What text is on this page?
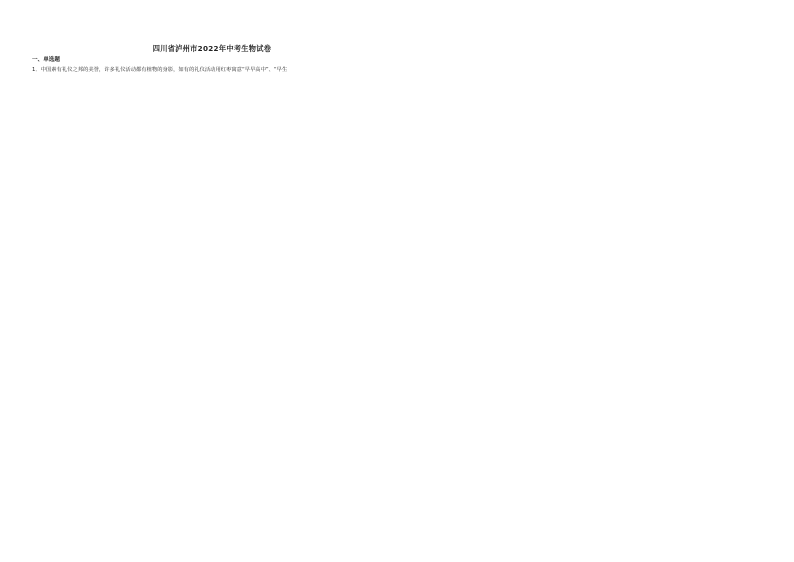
四川省泸州市2022年中考生物试卷
一、单选题
1．中国素有礼仪之邦的美誉，许多礼仪活动都有植物的身影，如有的礼仪活动用红枣寓意“早早高中”、“早生
